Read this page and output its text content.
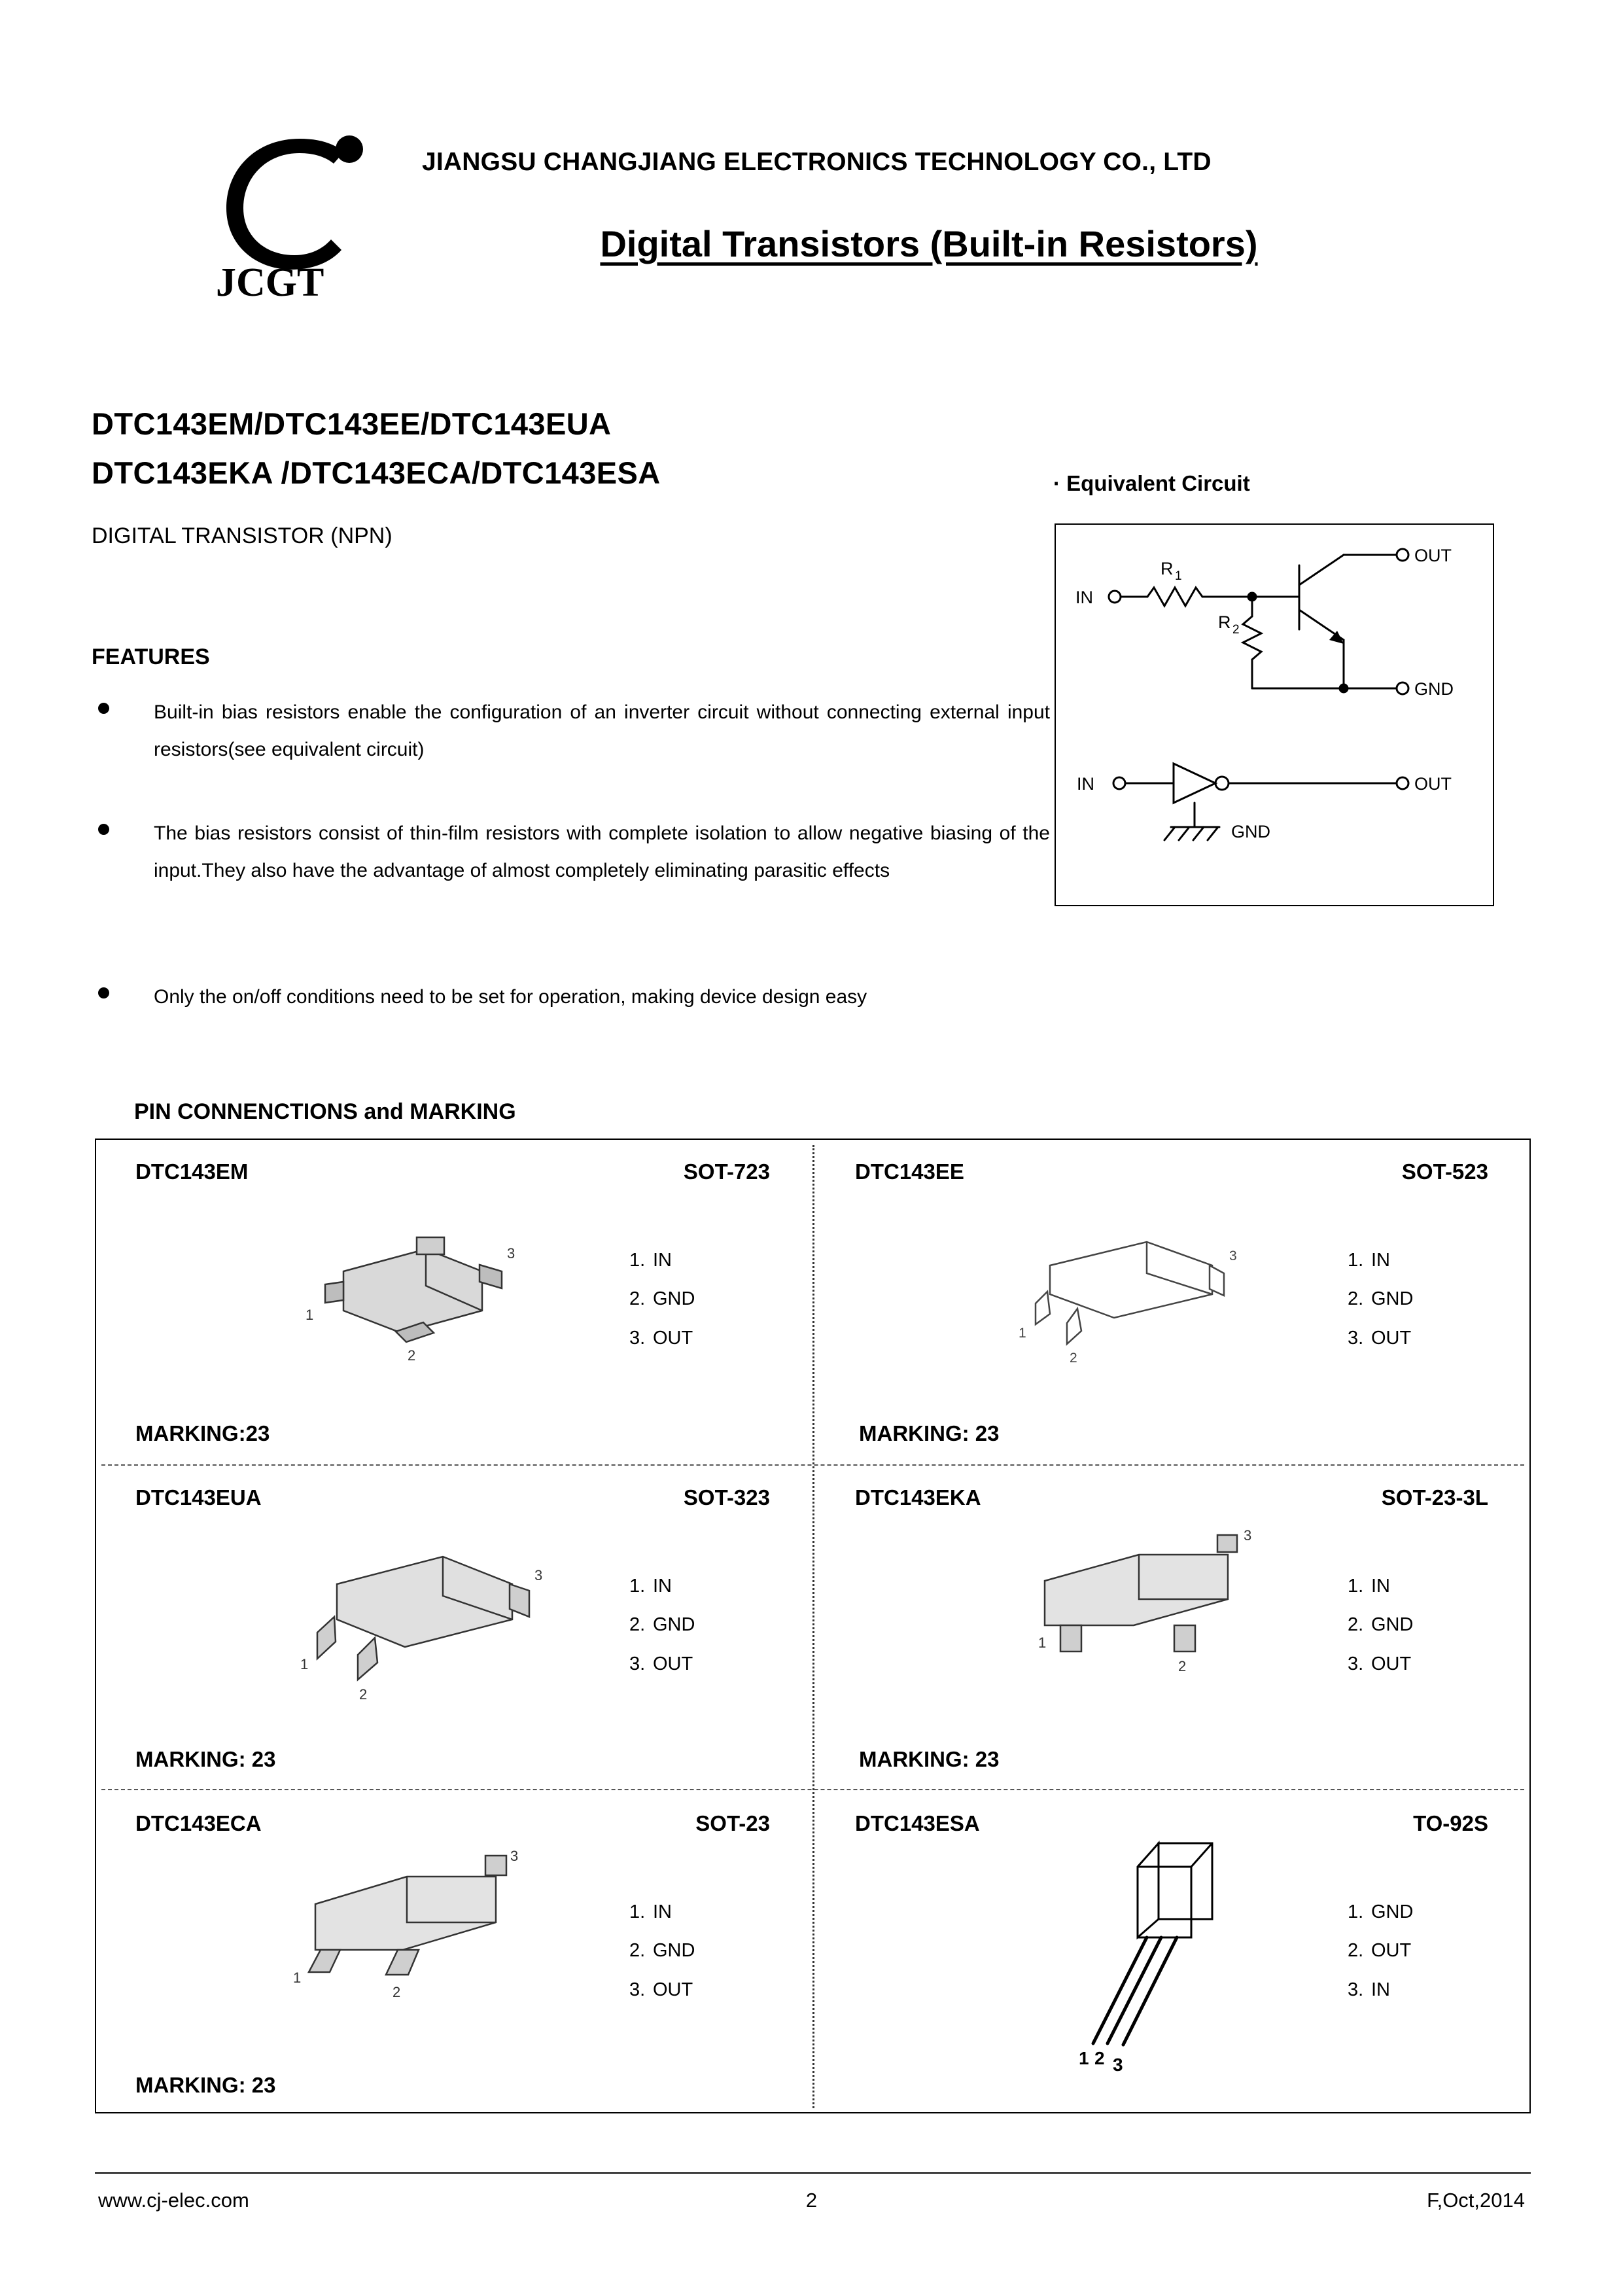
JCGT
JIANGSU CHANGJIANG ELECTRONICS TECHNOLOGY CO., LTD
Digital Transistors (Built-in Resistors)
DTC143EM/DTC143EE/DTC143EUA
DTC143EKA /DTC143ECA/DTC143ESA
DIGITAL TRANSISTOR (NPN)
FEATURES
Built-in bias resistors enable the configuration of an inverter circuit without connecting external input resistors(see equivalent circuit)
The bias resistors consist of thin-film resistors with complete isolation to allow negative biasing of the input.They also have the advantage of almost completely eliminating parasitic effects
Only the on/off conditions need to be set for operation, making device design easy
· Equivalent Circuit
IN
OUT
GND
R 1
R 2
IN	OUT
GND
PIN CONNENCTIONS and MARKING
DTC143EM	SOT-723
1
2
3	1. IN
2. GND
3. OUT
MARKING:23
DTC143EE	SOT-523
1
2
3	1. IN
2. GND
3. OUT
MARKING: 23
DTC143EUA	SOT-323
1
2
3
1. IN
2. GND
3. OUT
MARKING: 23
DTC143EKA	SOT-23-3L
1
2
3
1. IN
2. GND
3. OUT
MARKING: 23
DTC143ECA	SOT-23
1
2
3
1. IN
2. GND
3. OUT
MARKING: 23
DTC143ESA	TO-92S
1 2 3
1. GND
2. OUT
3. IN
www.cj-elec.com	2	F,Oct,2014
